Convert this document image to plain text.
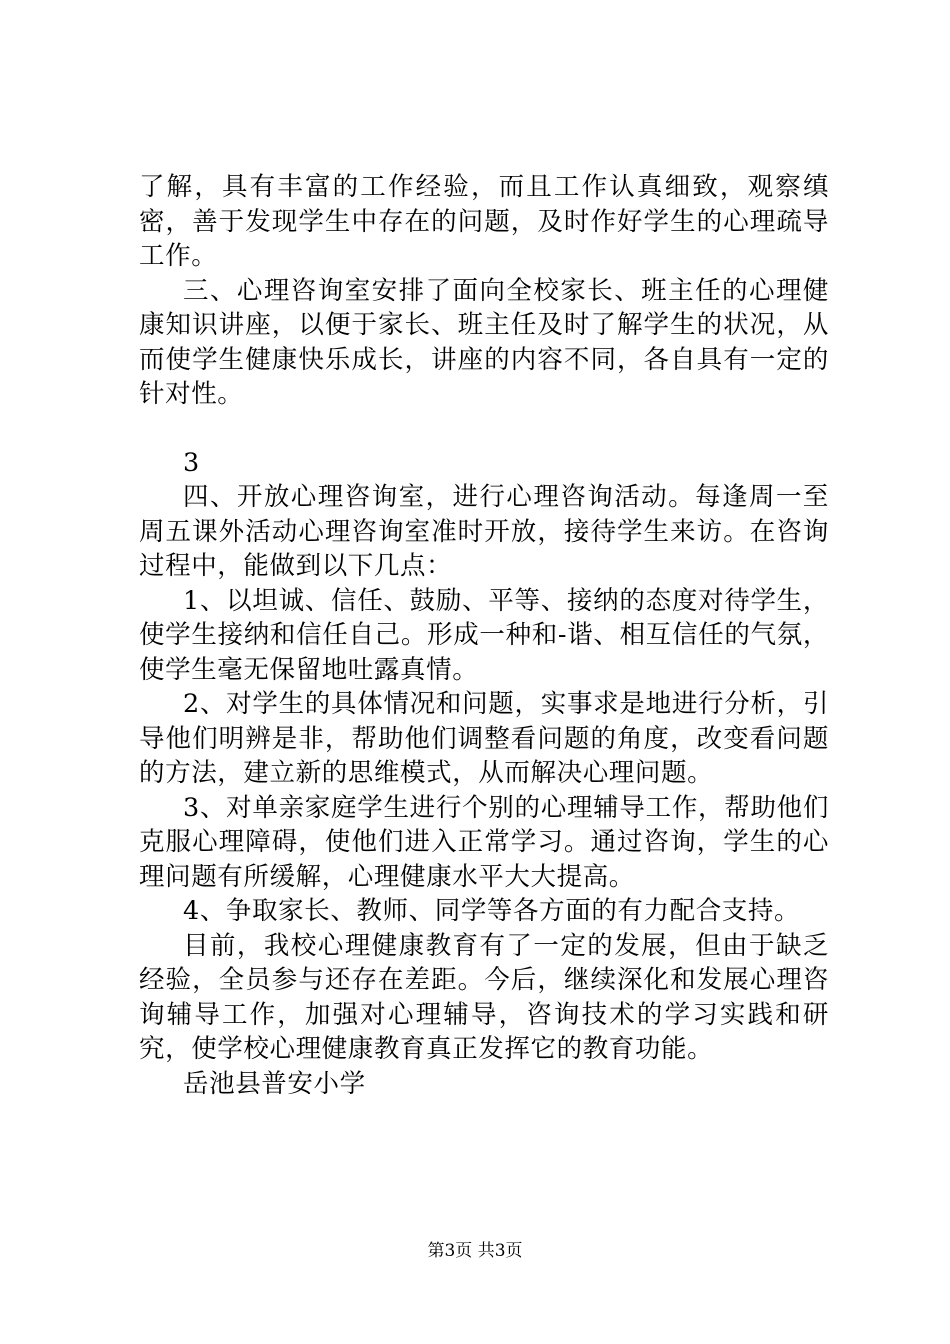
了解，具有丰富的工作经验，而且工作认真细致，观察缜密，善于发现学生中存在的问题，及时作好学生的心理疏导工作。

三、心理咨询室安排了面向全校家长、班主任的心理健康知识讲座，以便于家长、班主任及时了解学生的状况，从而使学生健康快乐成长，讲座的内容不同，各自具有一定的针对性。

3

四、开放心理咨询室，进行心理咨询活动。每逢周一至周五课外活动心理咨询室准时开放，接待学生来访。在咨询过程中，能做到以下几点：

1、以坦诚、信任、鼓励、平等、接纳的态度对待学生，使学生接纳和信任自己。形成一种和-谐、相互信任的气氛，使学生毫无保留地吐露真情。

2、对学生的具体情况和问题，实事求是地进行分析，引导他们明辨是非，帮助他们调整看问题的角度，改变看问题的方法，建立新的思维模式，从而解决心理问题。

3、对单亲家庭学生进行个别的心理辅导工作，帮助他们克服心理障碍，使他们进入正常学习。通过咨询，学生的心理问题有所缓解，心理健康水平大大提高。

4、争取家长、教师、同学等各方面的有力配合支持。

目前，我校心理健康教育有了一定的发展，但由于缺乏经验，全员参与还存在差距。今后，继续深化和发展心理咨询辅导工作，加强对心理辅导，咨询技术的学习实践和研究，使学校心理健康教育真正发挥它的教育功能。

岳池县普安小学

第3页 共3页
